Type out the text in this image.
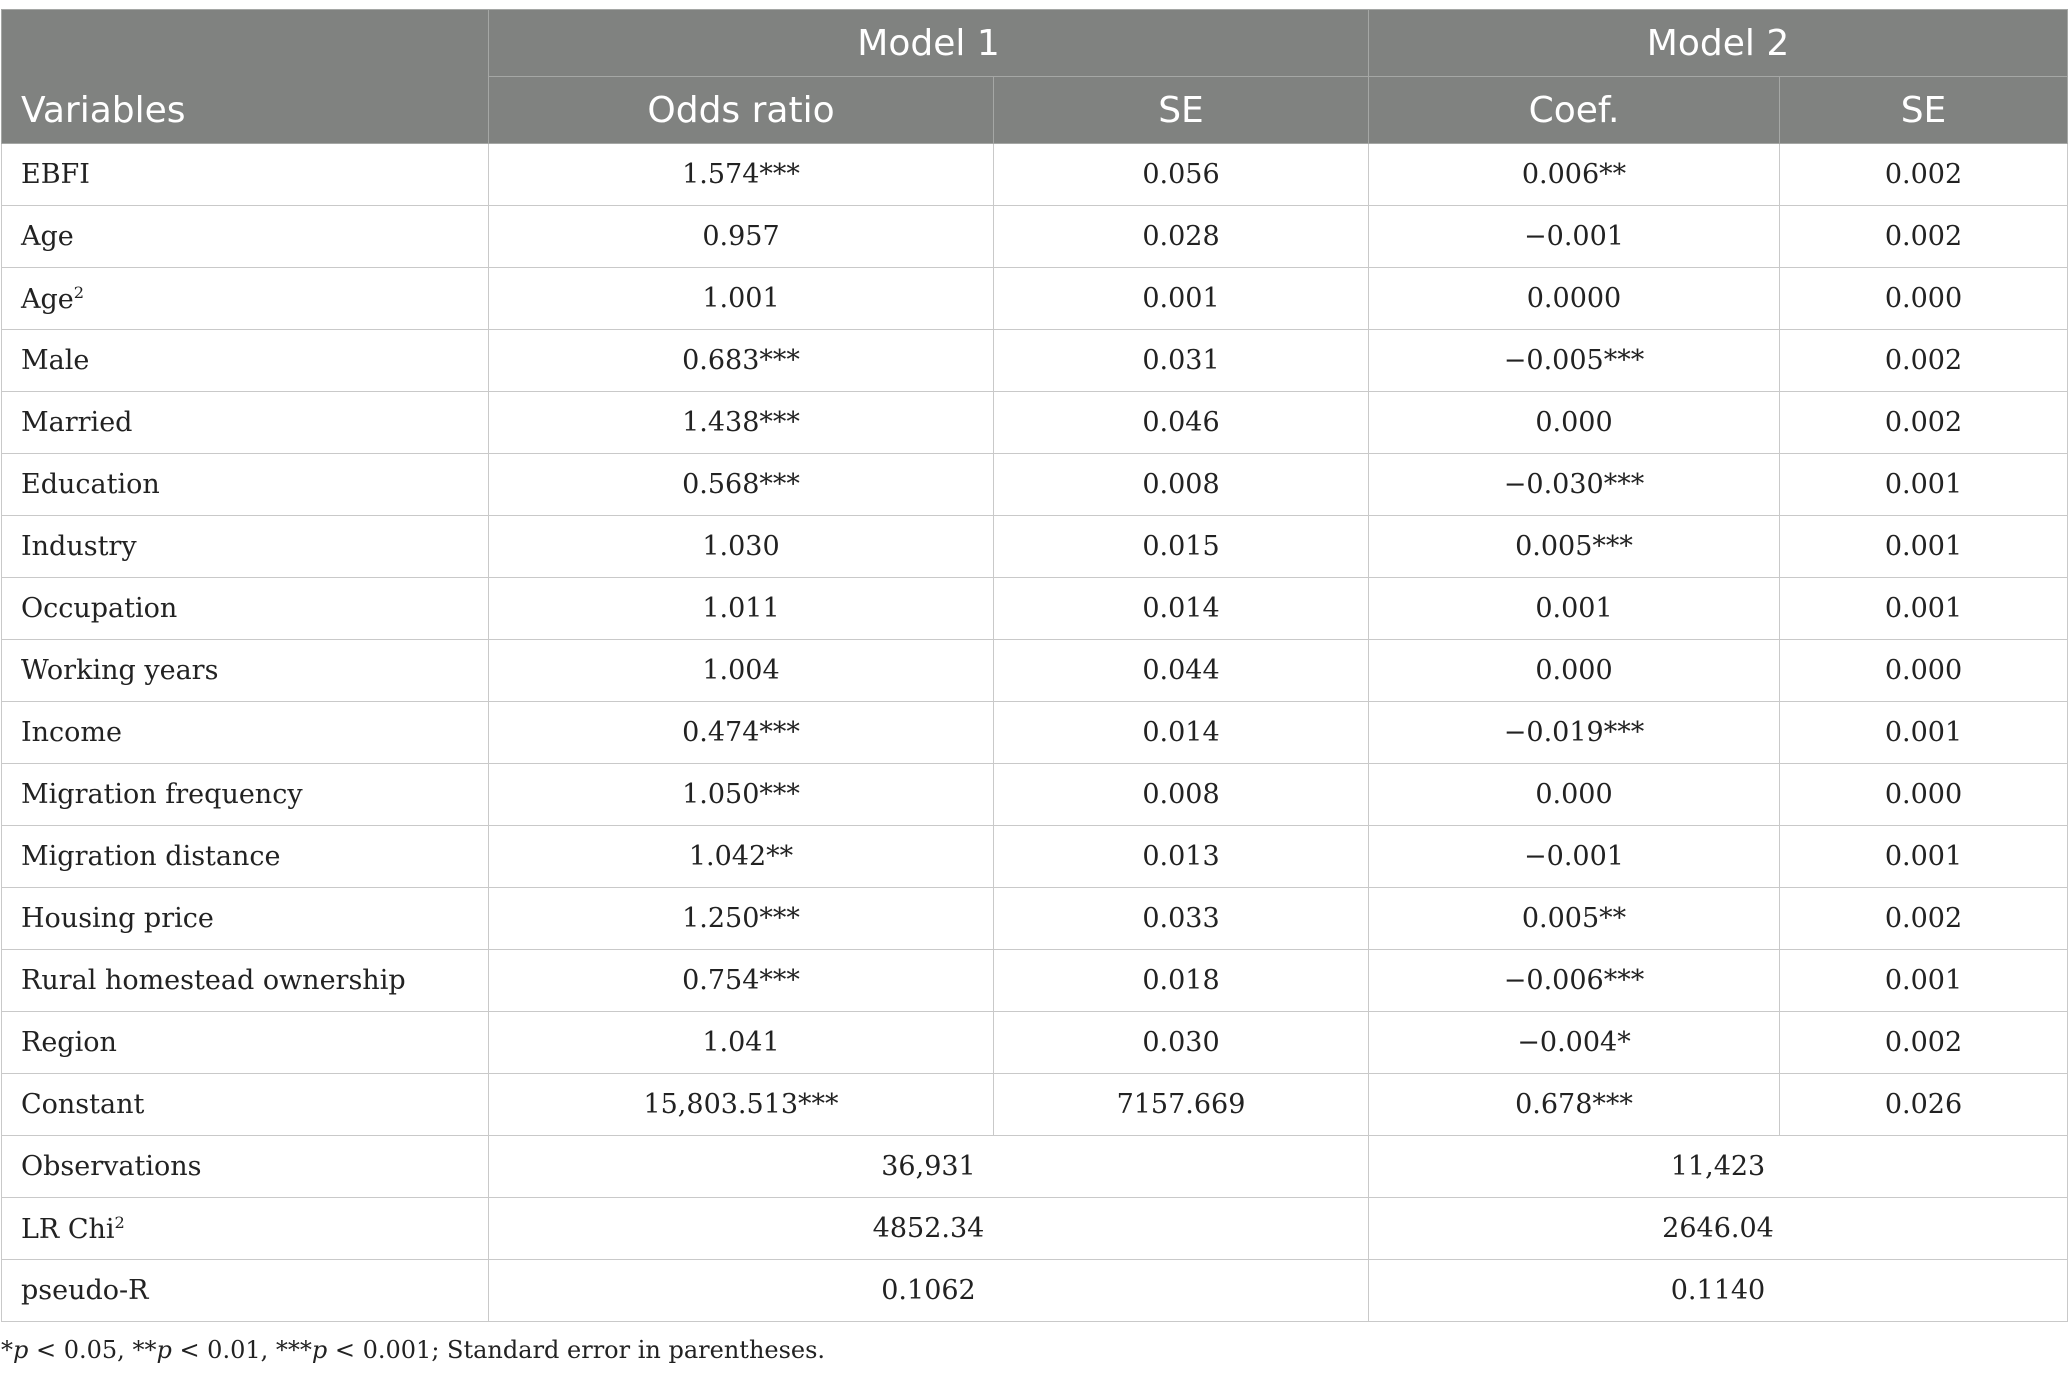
Variables	Model 1		Model 2	
	Odds ratio	SE	Coef.	SE
EBFI	1.574***	0.056	0.006**	0.002
Age	0.957	0.028	−0.001	0.002
Age$^2$	1.001	0.001	0.0000	0.000
Male	0.683***	0.031	−0.005***	0.002
Married	1.438***	0.046	0.000	0.002
Education	0.568***	0.008	−0.030***	0.001
Industry	1.030	0.015	0.005***	0.001
Occupation	1.011	0.014	0.001	0.001
Working years	1.004	0.044	0.000	0.000
Income	0.474***	0.014	−0.019***	0.001
Migration frequency	1.050***	0.008	0.000	0.000
Migration distance	1.042**	0.013	−0.001	0.001
Housing price	1.250***	0.033	0.005**	0.002
Rural homestead ownership	0.754***	0.018	−0.006***	0.001
Region	1.041	0.030	−0.004*	0.002
Constant	15,803.513***	7157.669	0.678***	0.026
Observations	36,931		11,423	
LR Chi$^2$	4852.34		2646.04	
pseudo-R	0.1062		0.1140	
*p < 0.05, **p < 0.01, ***p < 0.001; Standard error in parentheses.
